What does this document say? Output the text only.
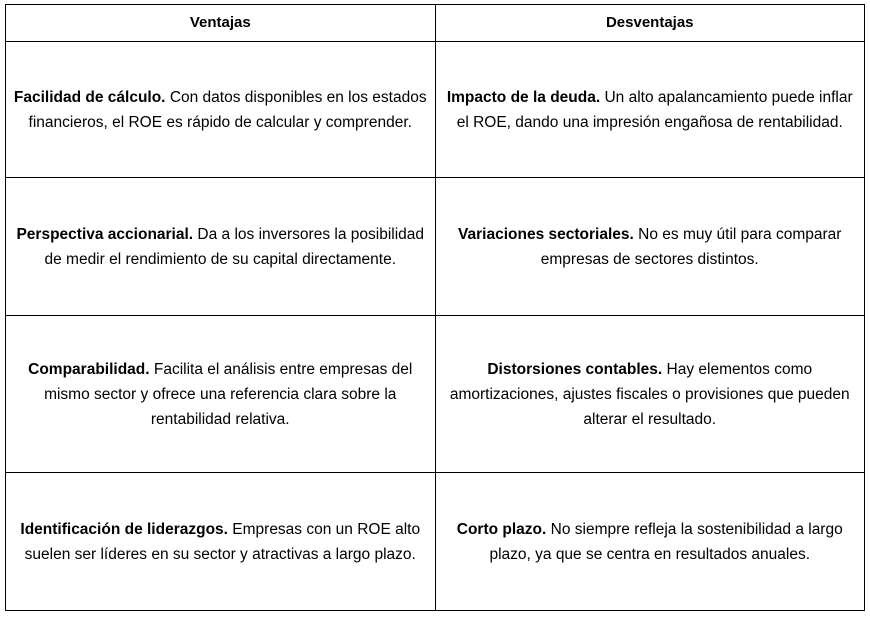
Ventajas	Desventajas
Facilidad de cálculo. Con datos disponibles en los estados financieros, el ROE es rápido de calcular y comprender.	Impacto de la deuda. Un alto apalancamiento puede inflar el ROE, dando una impresión engañosa de rentabilidad.
Perspectiva accionarial. Da a los inversores la posibilidad de medir el rendimiento de su capital directamente.	Variaciones sectoriales. No es muy útil para comparar empresas de sectores distintos.
Comparabilidad. Facilita el análisis entre empresas del mismo sector y ofrece una referencia clara sobre la rentabilidad relativa.	Distorsiones contables. Hay elementos como amortizaciones, ajustes fiscales o provisiones que pueden alterar el resultado.
Identificación de liderazgos. Empresas con un ROE alto suelen ser líderes en su sector y atractivas a largo plazo.	Corto plazo. No siempre refleja la sostenibilidad a largo plazo, ya que se centra en resultados anuales.
